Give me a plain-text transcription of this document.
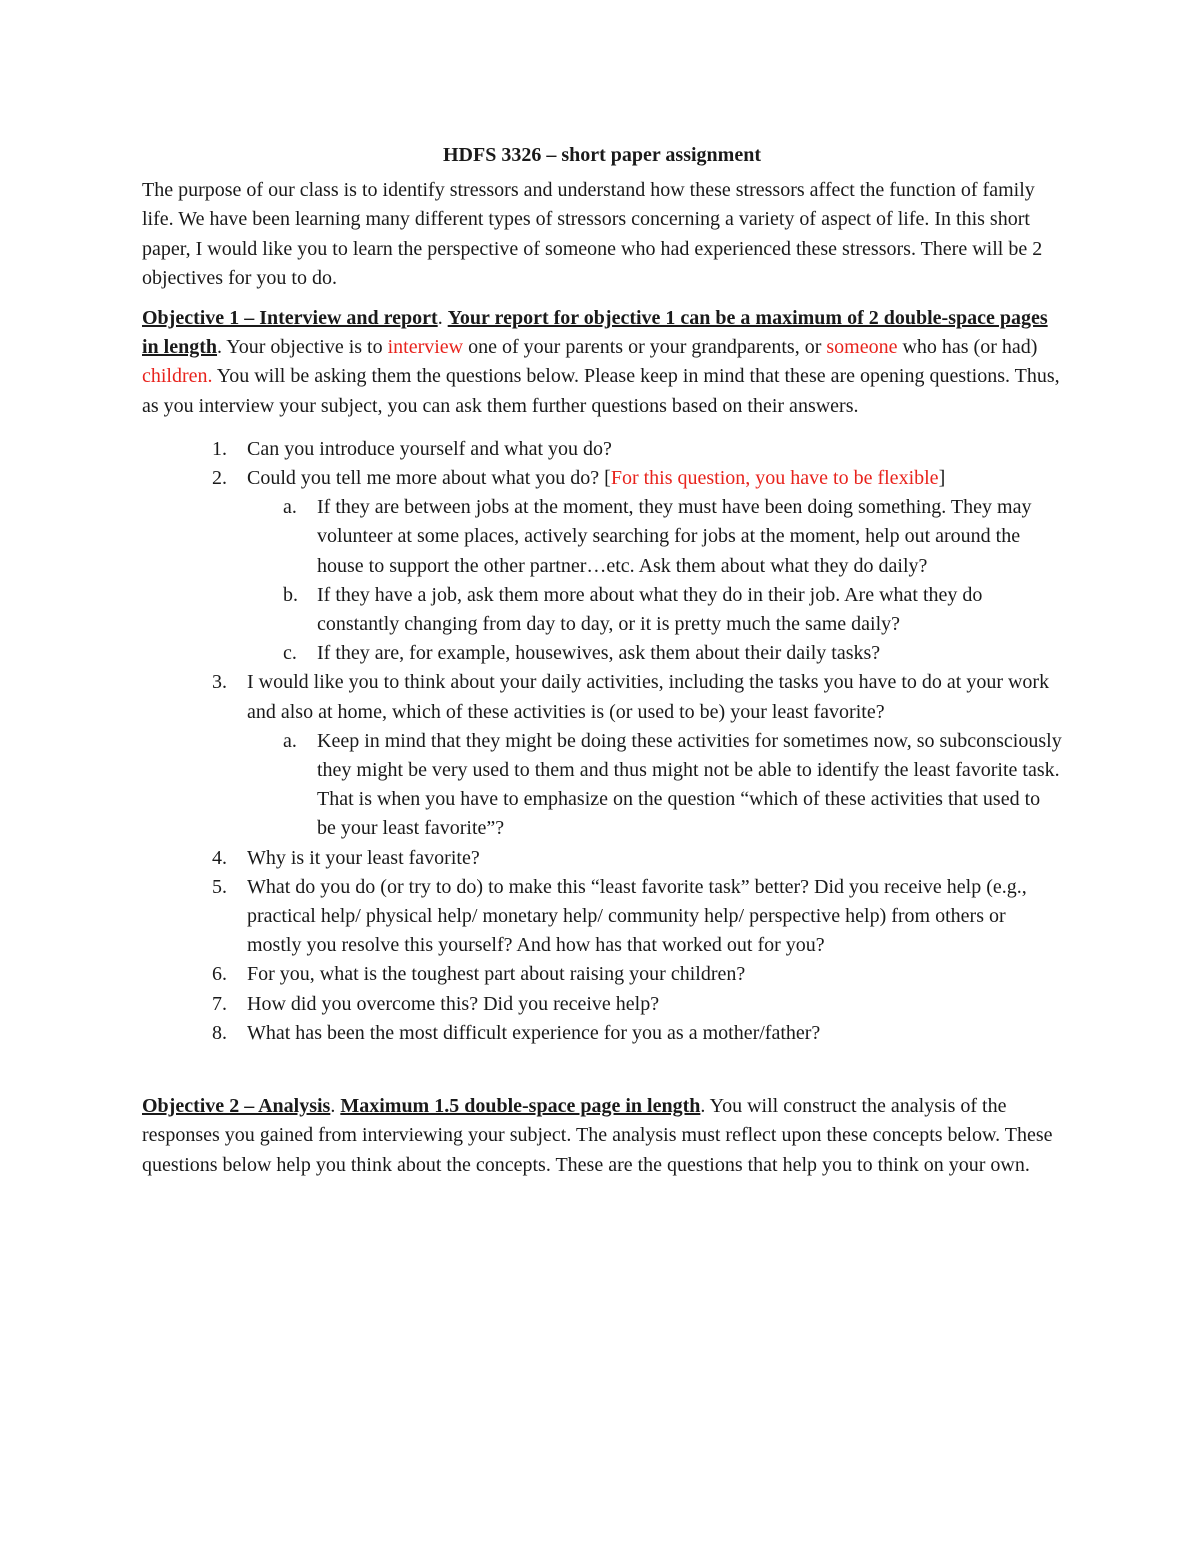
HDFS 3326 – short paper assignment

The purpose of our class is to identify stressors and understand how these stressors affect the function of family life. We have been learning many different types of stressors concerning a variety of aspect of life. In this short paper, I would like you to learn the perspective of someone who had experienced these stressors. There will be 2 objectives for you to do.

Objective 1 – Interview and report. Your report for objective 1 can be a maximum of 2 double-space pages in length. Your objective is to interview one of your parents or your grandparents, or someone who has (or had) children. You will be asking them the questions below. Please keep in mind that these are opening questions. Thus, as you interview your subject, you can ask them further questions based on their answers.

1. Can you introduce yourself and what you do?
2. Could you tell me more about what you do? [For this question, you have to be flexible]
a. If they are between jobs at the moment, they must have been doing something. They may volunteer at some places, actively searching for jobs at the moment, help out around the house to support the other partner…etc. Ask them about what they do daily?
b. If they have a job, ask them more about what they do in their job. Are what they do constantly changing from day to day, or it is pretty much the same daily?
c. If they are, for example, housewives, ask them about their daily tasks?
3. I would like you to think about your daily activities, including the tasks you have to do at your work and also at home, which of these activities is (or used to be) your least favorite?
a. Keep in mind that they might be doing these activities for sometimes now, so subconsciously they might be very used to them and thus might not be able to identify the least favorite task. That is when you have to emphasize on the question “which of these activities that used to be your least favorite”?
4. Why is it your least favorite?
5. What do you do (or try to do) to make this “least favorite task” better? Did you receive help (e.g., practical help/ physical help/ monetary help/ community help/ perspective help) from others or mostly you resolve this yourself? And how has that worked out for you?
6. For you, what is the toughest part about raising your children?
7. How did you overcome this? Did you receive help?
8. What has been the most difficult experience for you as a mother/father?

Objective 2 – Analysis. Maximum 1.5 double-space page in length. You will construct the analysis of the responses you gained from interviewing your subject. The analysis must reflect upon these concepts below. These questions below help you think about the concepts. These are the questions that help you to think on your own.
